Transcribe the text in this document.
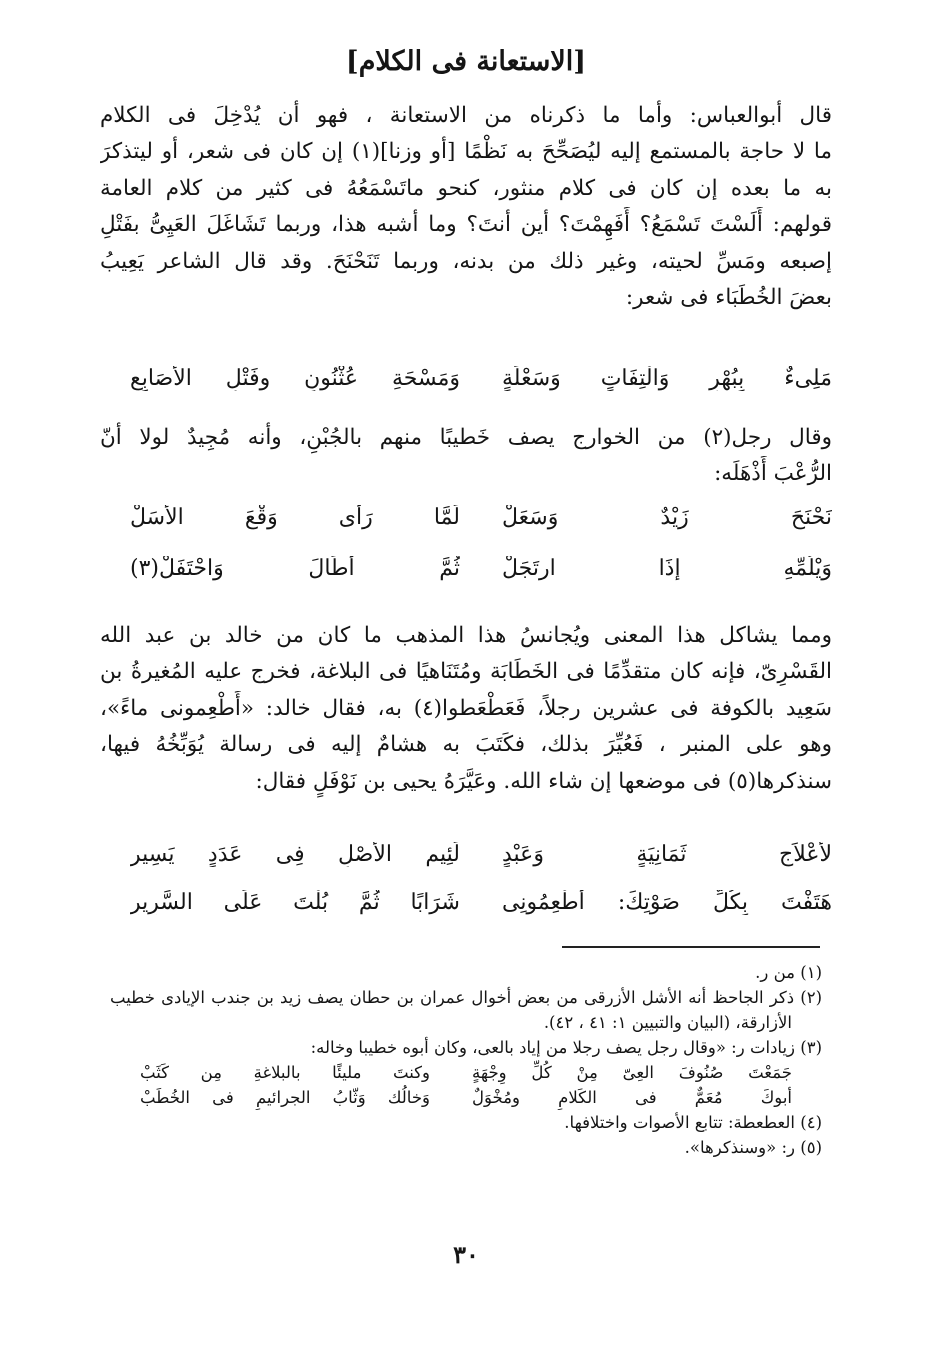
[الاستعانة فى الكلام]
قال أبوالعباس: وأما ما ذكرناه من الاستعانة ، فهو أن يُدْخِلَ فى الكلام
ما لا حاجة بالمستمع إليه ليُصَحِّحَ به نَظْمًا [أو وزنا](١) إن كان فى شعر، أو ليتذكرَ
به ما بعده إن كان فى كلام منثور، كنحو ماتَسْمَعُهُ فى كثير من كلام العامة
قولهم: أَلَسْتَ تَسْمَعُ؟ أَفَهِمْتَ؟ أين أنتَ؟ وما أشبه هذا، وربما تَشَاغَلَ العَيِىُّ بفَتْلِ
إصبعه ومَسِّ لحيته، وغير ذلك من بدنه، وربما تَنَحْنَحَ. وقد قال الشاعر يَعِيبُ
بعضَ الخُطَبَاء فى شعر:
مَلِىءٌ بِبُهْرٍ وَالْتِفَاتٍ وَسَعْلَةٍ
وَمَسْحَةِ عُثْنُونٍ وفَتْلِ الأصَابِعِ
وقال رجل(٢) من الخوارج يصف خَطيبًا منهم بالجُبْنِ، وأنه مُجِيدٌ لولا أنّ
الرُّعْبَ أَذْهَلَه:
نَحْنَحَ زَيْدٌ وَسَعَلْ
لَمَّا رَأَى وَقْعَ الأَسَلْ
وَيْلُمِّهِ إِذَا ارتَجَلْ
ثُمَّ أَطَالَ وَاحْتَفَلْ(٣)
ومما يشاكل هذا المعنى ويُجانسُ هذا المذهب ما كان من خالد بن عبد الله
القَسْرِىّ، فإنه كان متقدِّمًا فى الخَطَابَة ومُتَنَاهيًا فى البلاغة، فخرج عليه المُغيرةُ بن
سَعِيد بالكوفة فى عشرين رجلاً، فَعَطْعَطوا(٤) به، فقال خالد: «أَطْعِمونى ماءً»،
وهو على المنبر ، فَعُيِّرَ بذلك، فكَتَبَ به هشامٌ إليه فى رسالة يُوَبِّخُهُ فيها،
سنذكرها(٥) فى موضعها إن شاء الله. وعَيَّرَهُ يحيى بن نَوْفَلٍ فقال:
لأَعْلاَجٍ ثَمَانِيَةٍ وَعَبْدٍ
لَئِيمِ الأَصْلِ فِى عَدَدٍ يَسِيرِ
هَتَفْتَ بِكُلِّ صَوْتِكَ: أَطْعِمُونِى
شَرَابًا ثُمَّ بُلْتَ عَلَى السَّرِيرِ
(١) من ر.
(٢) ذكر الجاحظ أنه الأشل الأزرقى من بعض أخوال عمران بن حطان يصف زيد بن جندب الإيادى خطيب
الأزارقة، (البيان والتبيين ١: ٤١ ، ٤٢).
(٣) زيادات ر: «وقال رجل يصف رجلا من إياد بالعى، وكان أبوه خطيبا وخاله:
جَمَعْتَ صُنُوفَ العِىّ مِنْ كُلِّ وِجْهَةٍ
وكنتَ مليئًا بالبلاغةِ مِن كَثَبْ
أبوكَ مُعَمٌّ فى الكَلامِ ومُخْوَلٌ
وَخالُك وَثّابُ الجرائيمِ فى الخُطَبْ
(٤) العطعطة: تتابع الأصوات واختلافها.
(٥) ر: «وسنذكرها».
٣٠
